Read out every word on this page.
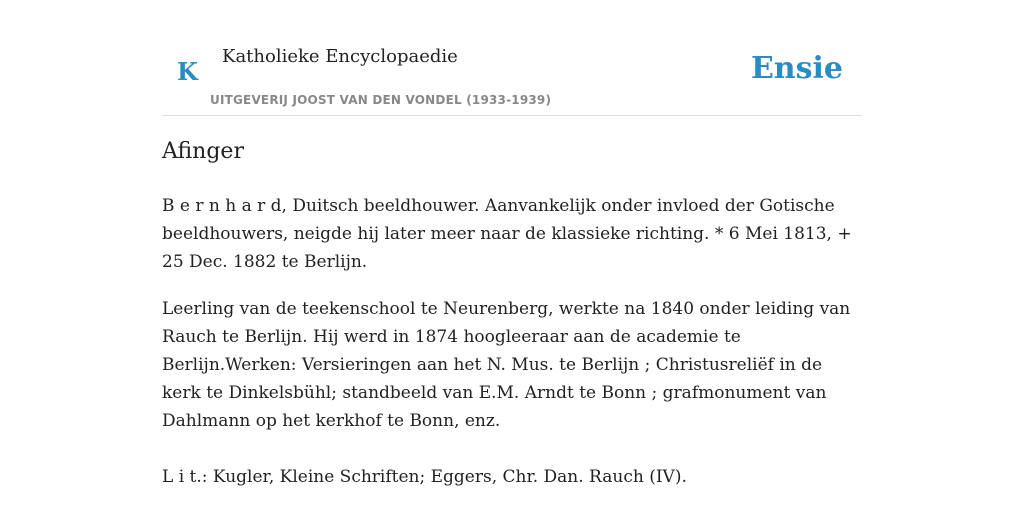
K
Katholieke Encyclopaedie
UITGEVERIJ JOOST VAN DEN VONDEL (1933-1939)
Ensie
Afinger

B e r n h a r d, Duitsch beeldhouwer. Aanvankelijk onder invloed der Gotische beeldhouwers, neigde hij later meer naar de klassieke richting. * 6 Mei 1813, + 25 Dec. 1882 te Berlijn.

Leerling van de teekenschool te Neurenberg, werkte na 1840 onder leiding van Rauch te Berlijn. Hij werd in 1874 hoogleeraar aan de academie te Berlijn.Werken: Versieringen aan het N. Mus. te Berlijn ; Christusreliëf in de kerk te Dinkelsbühl; standbeeld van E.M. Arndt te Bonn ; grafmonument van Dahlmann op het kerkhof te Bonn, enz.

L i t.: Kugler, Kleine Schriften; Eggers, Chr. Dan. Rauch (IV).
